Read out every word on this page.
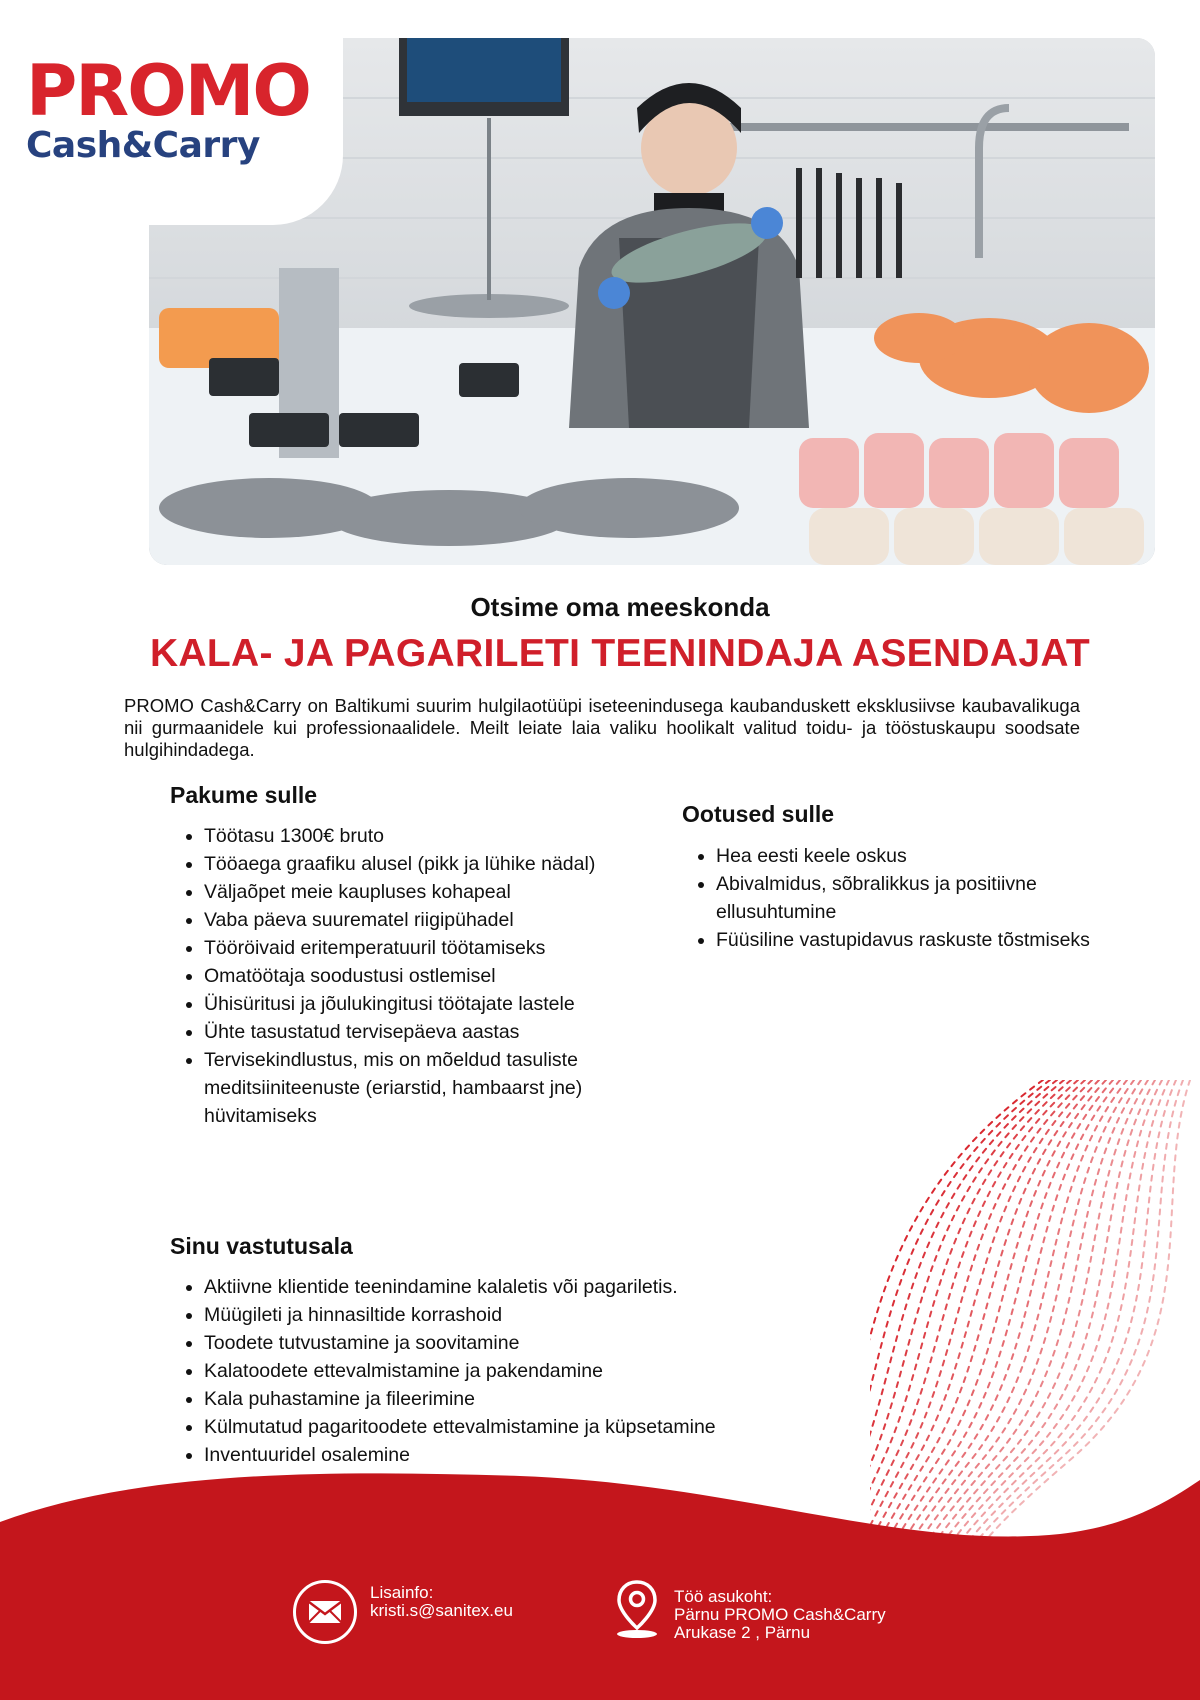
PROMO
Cash&Carry
Otsime oma meeskonda
KALA- JA PAGARILETI TEENINDAJA ASENDAJAT
PROMO Cash&Carry on Baltikumi suurim hulgilaotüüpi iseteenindusega kaubanduskett eksklusiivse kaubavalikuga nii gurmaanidele kui professionaalidele. Meilt leiate laia valiku hoolikalt valitud toidu- ja tööstuskaupu soodsate hulgihindadega.
Pakume sulle
• Töötasu 1300€ bruto
• Tööaega graafiku alusel (pikk ja lühike nädal)
• Väljaõpet meie kaupluses kohapeal
• Vaba päeva suurematel riigipühadel
• Tööröivaid eritemperatuuril töötamiseks
• Omatöötaja soodustusi ostlemisel
• Ühisüritusi ja jõulukingitusi töötajate lastele
• Ühte tasustatud tervisepäeva aastas
• Tervisekindlustus, mis on mõeldud tasuliste meditsiiniteenuste (eriarstid, hambaarst jne) hüvitamiseks
Ootused sulle
• Hea eesti keele oskus
• Abivalmidus, sõbralikkus ja positiivne ellusuhtumine
• Füüsiline vastupidavus raskuste tõstmiseks
Sinu vastutusala
• Aktiivne klientide teenindamine kalaletis või pagariletis.
• Müügileti ja hinnasiltide korrashoid
• Toodete tutvustamine ja soovitamine
• Kalatoodete ettevalmistamine ja pakendamine
• Kala puhastamine ja fileerimine
• Külmutatud pagaritoodete ettevalmistamine ja küpsetamine
• Inventuuridel osalemine
Lisainfo:
kristi.s@sanitex.eu
Töö asukoht:
Pärnu PROMO Cash&Carry
Arukase 2 , Pärnu
